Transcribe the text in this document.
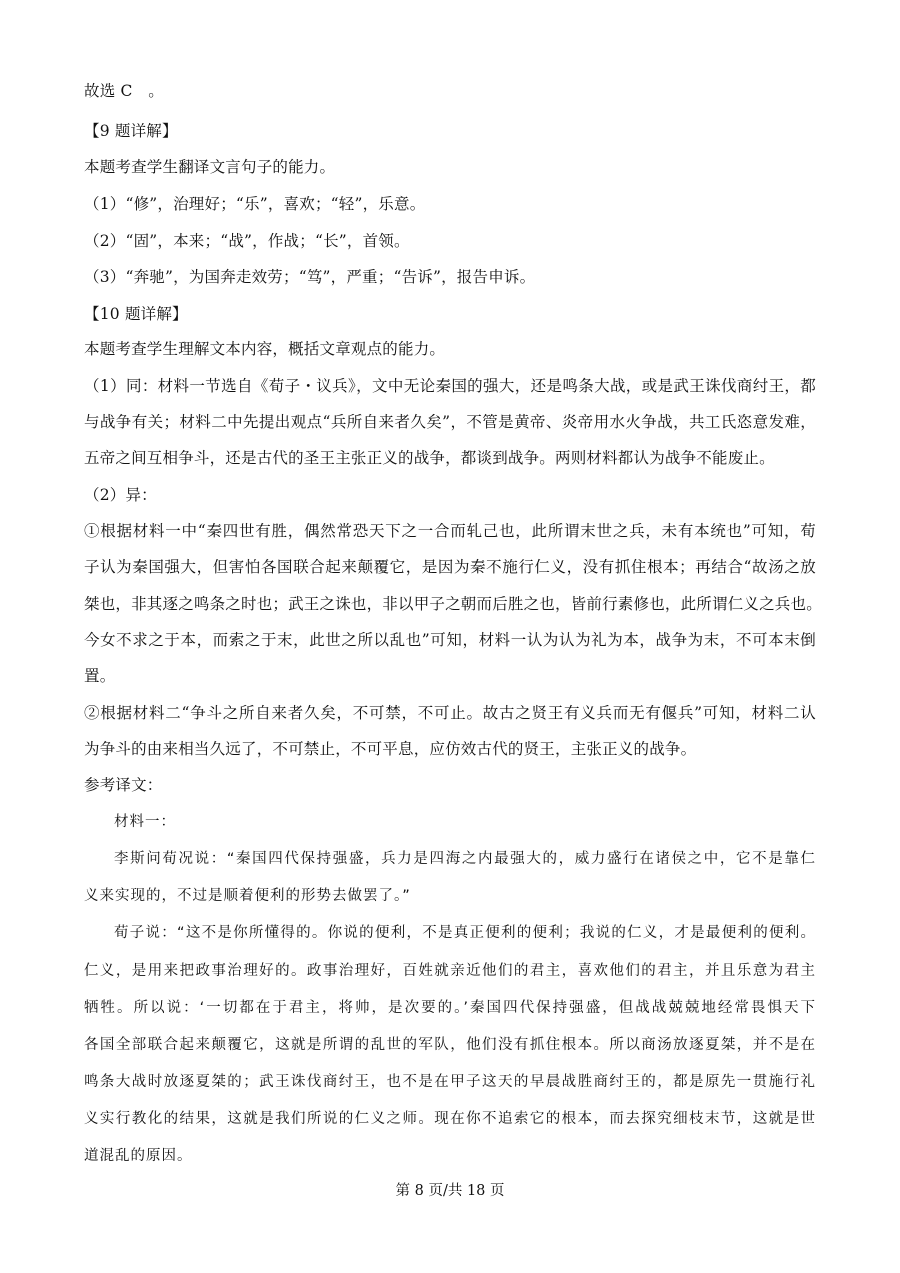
故选 C　。
【9 题详解】
本题考查学生翻译文言句子的能力。
（1）“修”，治理好；“乐”，喜欢；“轻”，乐意。
（2）“固”，本来；“战”，作战；“长”，首领。
（3）“奔驰”，为国奔走效劳；“笃”，严重；“告诉”，报告申诉。
【10 题详解】
本题考查学生理解文本内容，概括文章观点的能力。
（1）同：材料一节选自《荀子・议兵》，文中无论秦国的强大，还是鸣条大战，或是武王诛伐商纣王，都
与战争有关；材料二中先提出观点“兵所自来者久矣”，不管是黄帝、炎帝用水火争战，共工氏恣意发难，
五帝之间互相争斗，还是古代的圣王主张正义的战争，都谈到战争。两则材料都认为战争不能废止。
（2）异：
①根据材料一中“秦四世有胜，偶然常恐天下之一合而轧己也，此所谓末世之兵，未有本统也”可知，荀
子认为秦国强大，但害怕各国联合起来颠覆它，是因为秦不施行仁义，没有抓住根本；再结合“故汤之放
桀也，非其逐之鸣条之时也；武王之诛也，非以甲子之朝而后胜之也，皆前行素修也，此所谓仁义之兵也。
今女不求之于本，而索之于末，此世之所以乱也”可知，材料一认为认为礼为本，战争为末，不可本末倒
置。
②根据材料二“争斗之所自来者久矣，不可禁，不可止。故古之贤王有义兵而无有偃兵”可知，材料二认
为争斗的由来相当久远了，不可禁止，不可平息，应仿效古代的贤王，主张正义的战争。
参考译文：
材料一：
李斯问荀况说：“秦国四代保持强盛，兵力是四海之内最强大的，威力盛行在诸侯之中，它不是靠仁
义来实现的，不过是顺着便利的形势去做罢了。”
荀子说：“这不是你所懂得的。你说的便利，不是真正便利的便利；我说的仁义，才是最便利的便利。
仁义，是用来把政事治理好的。政事治理好，百姓就亲近他们的君主，喜欢他们的君主，并且乐意为君主
牺牲。所以说：‘一切都在于君主，将帅，是次要的。’秦国四代保持强盛，但战战兢兢地经常畏惧天下
各国全部联合起来颠覆它，这就是所谓的乱世的军队，他们没有抓住根本。所以商汤放逐夏桀，并不是在
鸣条大战时放逐夏桀的；武王诛伐商纣王，也不是在甲子这天的早晨战胜商纣王的，都是原先一贯施行礼
义实行教化的结果，这就是我们所说的仁义之师。现在你不追索它的根本，而去探究细枝末节，这就是世
道混乱的原因。
第 8 页/共 18 页
